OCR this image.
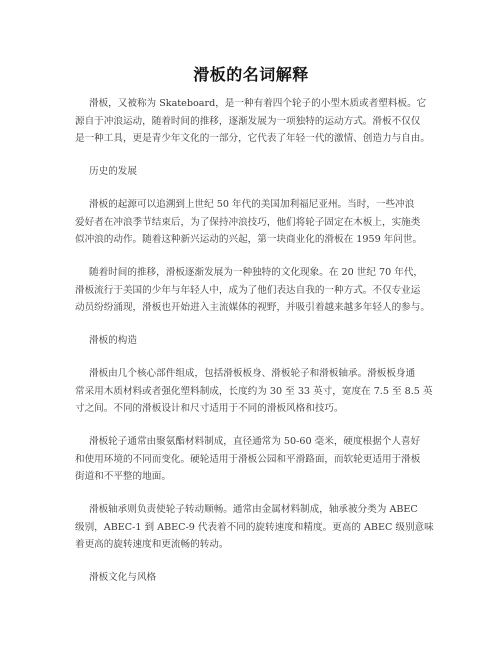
滑板的名词解释
滑板，又被称为 Skateboard，是一种有着四个轮子的小型木质或者塑料板。它
源自于冲浪运动，随着时间的推移，逐渐发展为一项独特的运动方式。滑板不仅仅
是一种工具，更是青少年文化的一部分，它代表了年轻一代的激情、创造力与自由。
历史的发展
滑板的起源可以追溯到上世纪 50 年代的美国加利福尼亚州。当时，一些冲浪
爱好者在冲浪季节结束后，为了保持冲浪技巧，他们将轮子固定在木板上，实施类
似冲浪的动作。随着这种新兴运动的兴起，第一块商业化的滑板在 1959 年问世。
随着时间的推移，滑板逐渐发展为一种独特的文化现象。在 20 世纪 70 年代，
滑板流行于美国的少年与年轻人中，成为了他们表达自我的一种方式。不仅专业运
动员纷纷涌现，滑板也开始进入主流媒体的视野，并吸引着越来越多年轻人的参与。
滑板的构造
滑板由几个核心部件组成，包括滑板板身、滑板轮子和滑板轴承。滑板板身通
常采用木质材料或者强化塑料制成，长度约为 30 至 33 英寸，宽度在 7.5 至 8.5 英
寸之间。不同的滑板设计和尺寸适用于不同的滑板风格和技巧。
滑板轮子通常由聚氨酯材料制成，直径通常为 50-60 毫米，硬度根据个人喜好
和使用环境的不同而变化。硬轮适用于滑板公园和平滑路面，而软轮更适用于滑板
街道和不平整的地面。
滑板轴承则负责使轮子转动顺畅。通常由金属材料制成，轴承被分类为 ABEC
级别，ABEC-1 到 ABEC-9 代表着不同的旋转速度和精度。更高的 ABEC 级别意味
着更高的旋转速度和更流畅的转动。
滑板文化与风格
